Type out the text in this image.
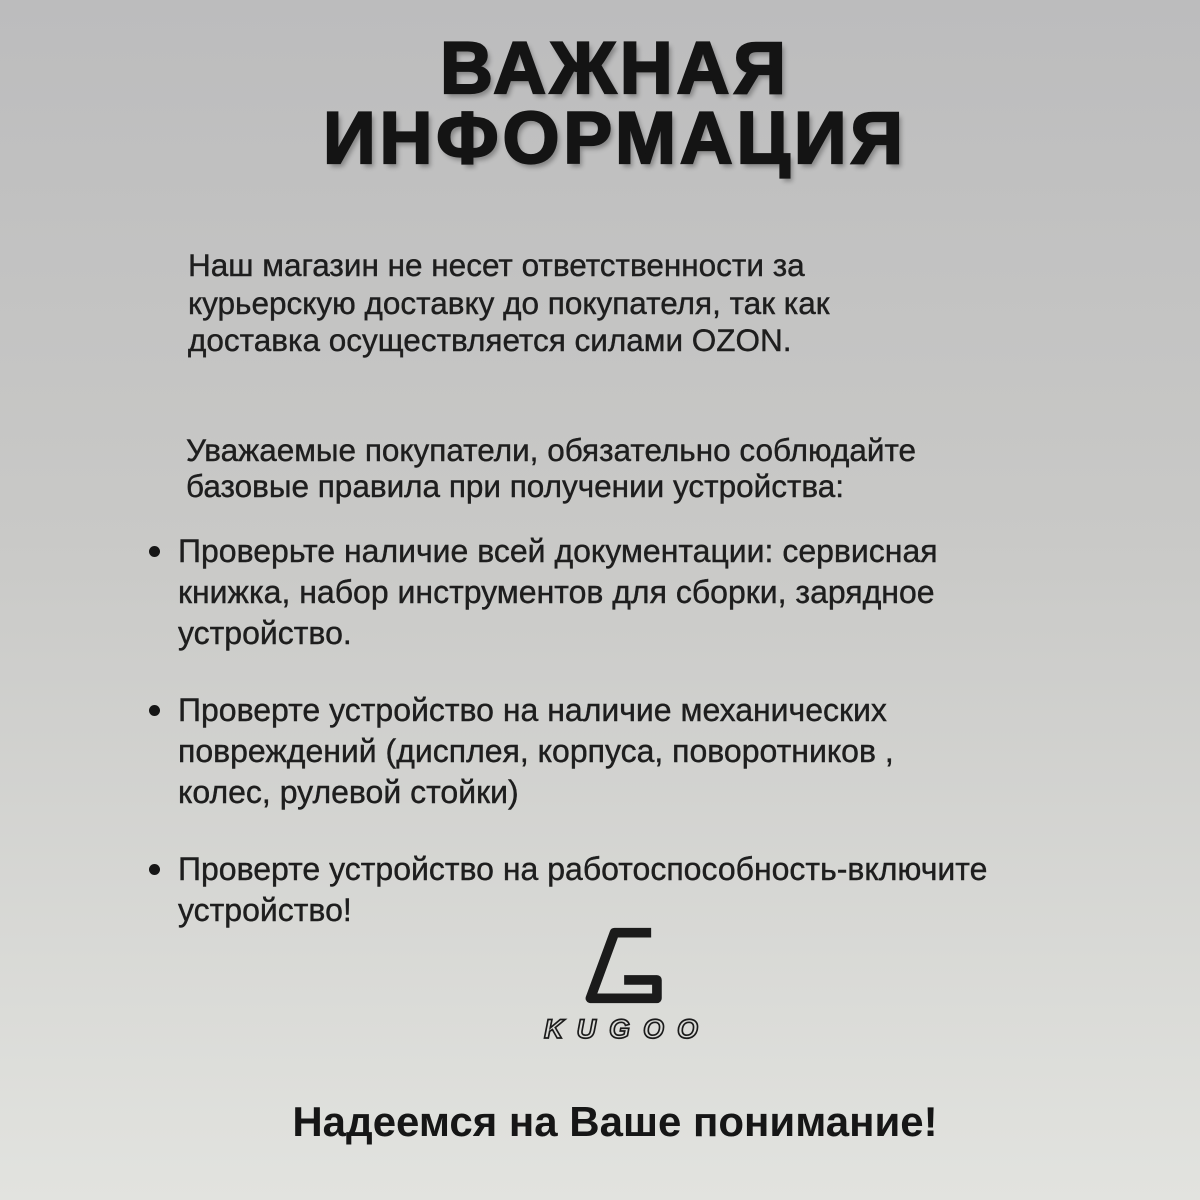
ВАЖНАЯ
ИНФОРМАЦИЯ
Наш магазин не несет ответственности за
курьерскую доставку до покупателя, так как
доставка осуществляется силами OZON.
Уважаемые покупатели, обязательно соблюдайте
базовые правила при получении устройства:
Проверьте наличие всей документации: сервисная
книжка, набор инструментов для сборки, зарядное
устройство.
Проверте устройство на наличие механических
повреждений (дисплея, корпуса, поворотников ,
колес, рулевой стойки)
Проверте устройство на работоспособность-включите
устройство!
KUGOO
Надеемся на Ваше понимание!
